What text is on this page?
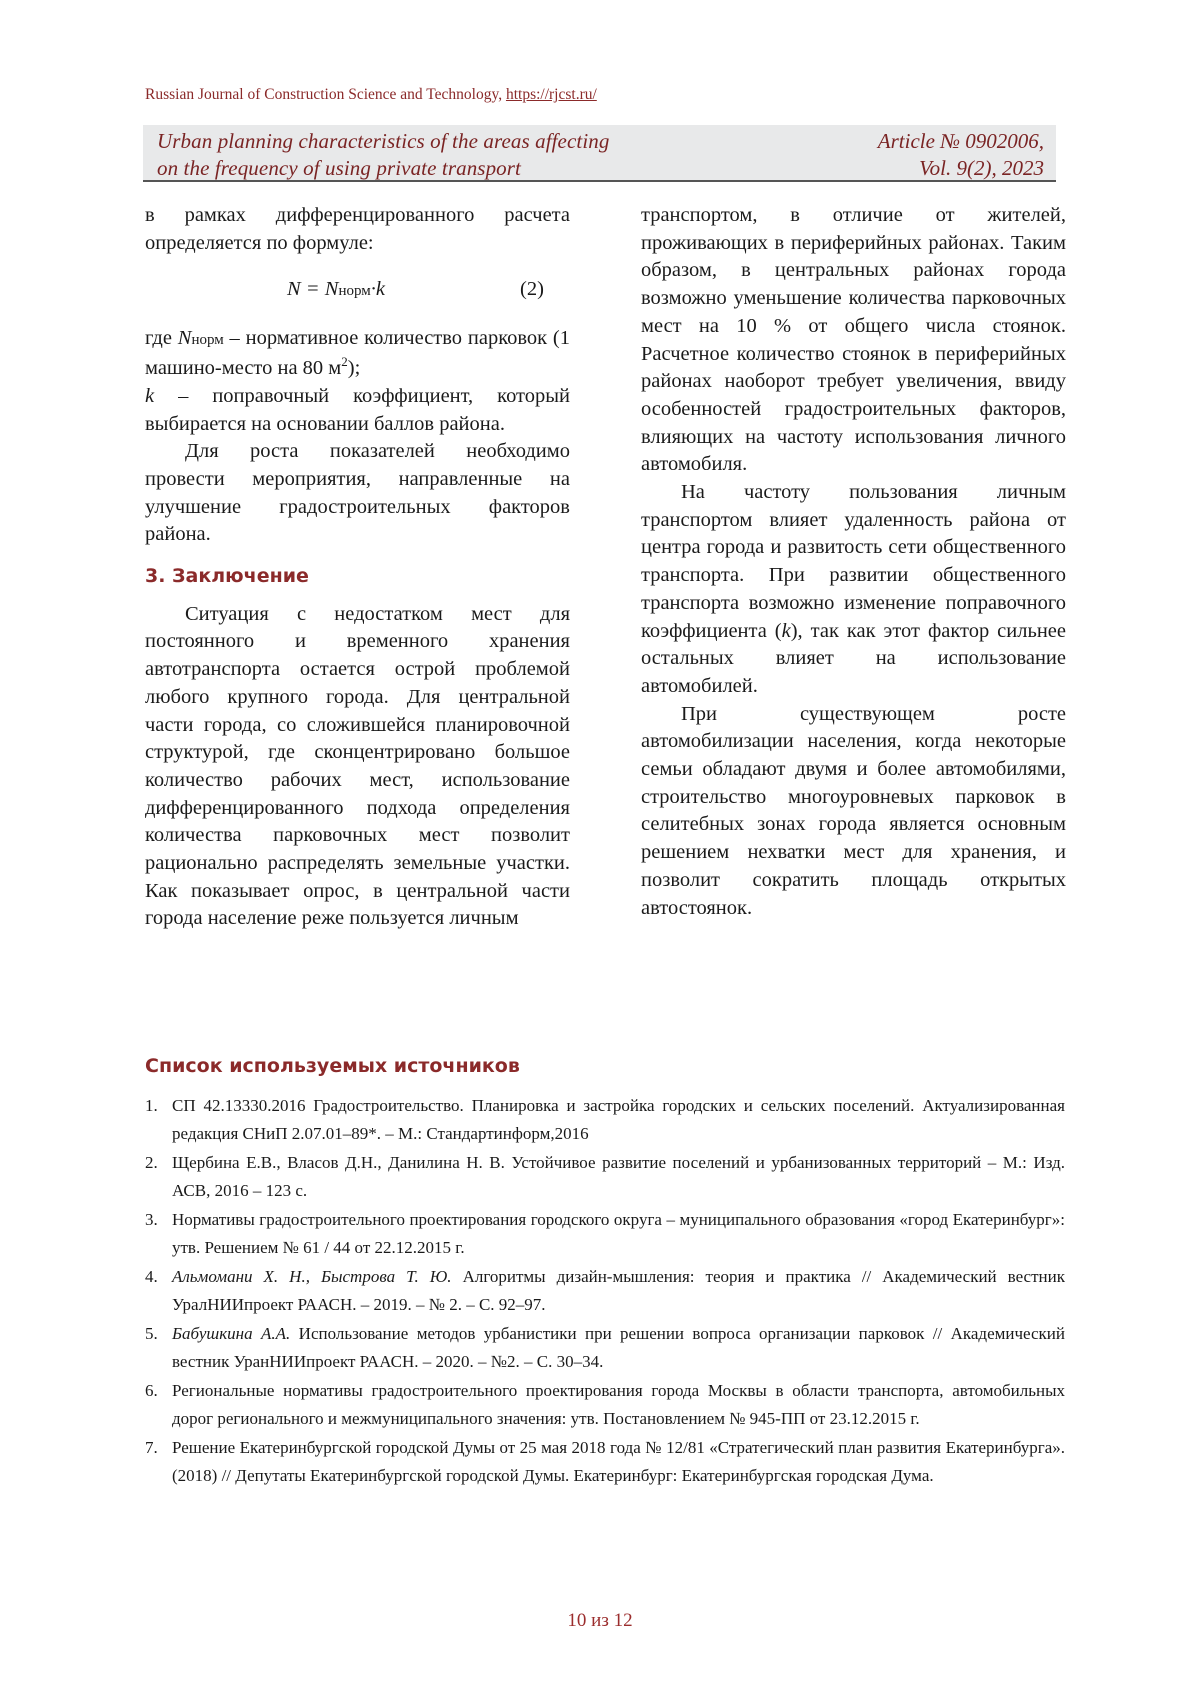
Russian Journal of Construction Science and Technology, https://rjcst.ru/
Urban planning characteristics of the areas affecting
on the frequency of using private transport
Article № 0902006,
Vol. 9(2), 2023

в рамках дифференцированного расчета определяется по формуле:

N = Nнорм·k	(2)

где Nнорм – нормативное количество парковок (1 машино-место на 80 $м^2$);

k – поправочный коэффициент, который выбирается на основании баллов района.

Для роста показателей необходимо провести мероприятия, направленные на улучшение градостроительных факторов района.

3. Заключение

Ситуация с недостатком мест для постоянного и временного хранения автотранспорта остается острой проблемой любого крупного города. Для центральной части города, со сложившейся планировочной структурой, где сконцентрировано большое количество рабочих мест, использование дифференцированного подхода определения количества парковочных мест позволит рационально распределять земельные участки. Как показывает опрос, в центральной части города население реже пользуется личным

транспортом, в отличие от жителей, проживающих в периферийных районах. Таким образом, в центральных районах города возможно уменьшение количества парковочных мест на 10 % от общего числа стоянок. Расчетное количество стоянок в периферийных районах наоборот требует увеличения, ввиду особенностей градостроительных факторов, влияющих на частоту использования личного автомобиля.

На частоту пользования личным транспортом влияет удаленность района от центра города и развитость сети общественного транспорта. При развитии общественного транспорта возможно изменение поправочного коэффициента (k), так как этот фактор сильнее остальных влияет на использование автомобилей.

При существующем росте автомобилизации населения, когда некоторые семьи обладают двумя и более автомобилями, строительство многоуровневых парковок в селитебных зонах города является основным решением нехватки мест для хранения, и позволит сократить площадь открытых автостоянок.

Список используемых источников
1. СП 42.13330.2016 Градостроительство. Планировка и застройка городских и сельских поселений. Актуализированная редакция СНиП 2.07.01–89*. – М.: Стандартинформ,2016
2. Щербина Е.В., Власов Д.Н., Данилина Н. В. Устойчивое развитие поселений и урбанизованных территорий – М.: Изд. АСВ, 2016 – 123 с.
3. Нормативы градостроительного проектирования городского округа – муниципального образования «город Екатеринбург»: утв. Решением № 61 / 44 от 22.12.2015 г.
4. Альмомани Х. Н., Быстрова Т. Ю. Алгоритмы дизайн-мышления: теория и практика // Академический вестник УралНИИпроект РААСН. – 2019. – № 2. – С. 92–97.
5. Бабушкина А.А. Использование методов урбанистики при решении вопроса организации парковок // Академический вестник УранНИИпроект РААСН. – 2020. – №2. – С. 30–34.
6. Региональные нормативы градостроительного проектирования города Москвы в области транспорта, автомобильных дорог регионального и межмуниципального значения: утв. Постановлением № 945-ПП от 23.12.2015 г.
7. Решение Екатеринбургской городской Думы от 25 мая 2018 года № 12/81 «Стратегический план развития Екатеринбурга». (2018) // Депутаты Екатеринбургской городской Думы. Екатеринбург: Екатеринбургская городская Дума.
10 из 12
